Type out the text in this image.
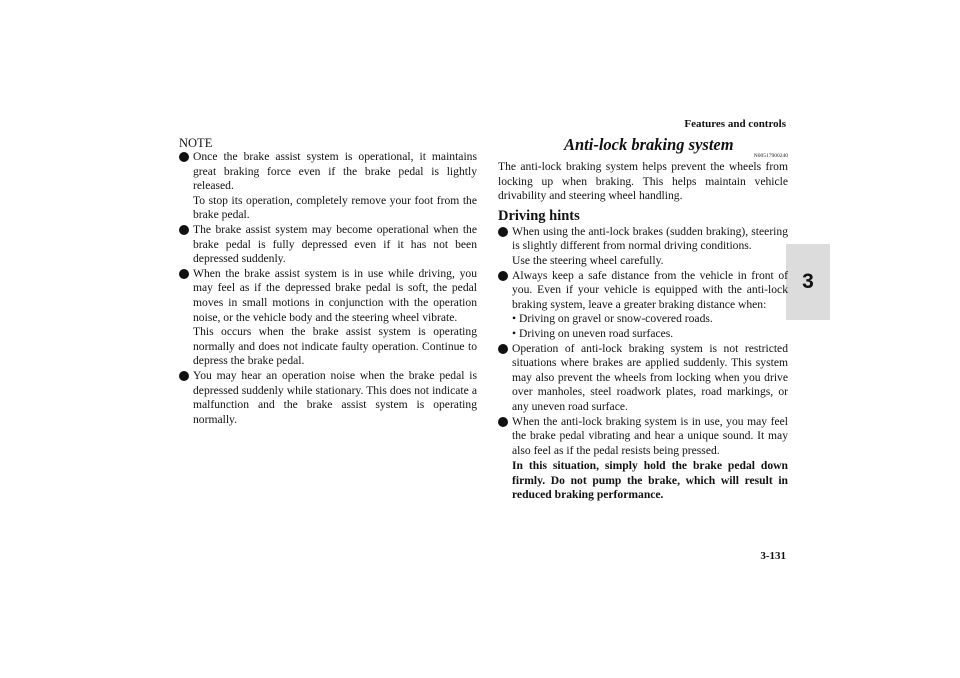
Features and controls
3

NOTE

Once the brake assist system is operational, it maintains great braking force even if the brake pedal is lightly released.
To stop its operation, completely remove your foot from the brake pedal.
The brake assist system may become operational when the brake pedal is fully depressed even if it has not been depressed suddenly.
When the brake assist system is in use while driving, you may feel as if the depressed brake pedal is soft, the pedal moves in small motions in conjunction with the operation noise, or the vehicle body and the steering wheel vibrate.
This occurs when the brake assist system is operating normally and does not indicate faulty operation. Continue to depress the brake pedal.
You may hear an operation noise when the brake pedal is depressed suddenly while stationary. This does not indicate a malfunction and the brake assist system is operating normally.
Anti-lock braking system
N00517900240

The anti-lock braking system helps prevent the wheels from locking up when braking. This helps maintain vehicle drivability and steering wheel handling.

Driving hints
When using the anti-lock brakes (sudden braking), steering is slightly different from normal driving conditions.
Use the steering wheel carefully.
Always keep a safe distance from the vehicle in front of you. Even if your vehicle is equipped with the anti-lock braking system, leave a greater braking distance when:
• Driving on gravel or snow-covered roads.
• Driving on uneven road surfaces.
Operation of anti-lock braking system is not restricted situations where brakes are applied suddenly. This system may also prevent the wheels from locking when you drive over manholes, steel roadwork plates, road markings, or any uneven road surface.
When the anti-lock braking system is in use, you may feel the brake pedal vibrating and hear a unique sound. It may also feel as if the pedal resists being pressed.
In this situation, simply hold the brake pedal down firmly. Do not pump the brake, which will result in reduced braking performance.
3-131
